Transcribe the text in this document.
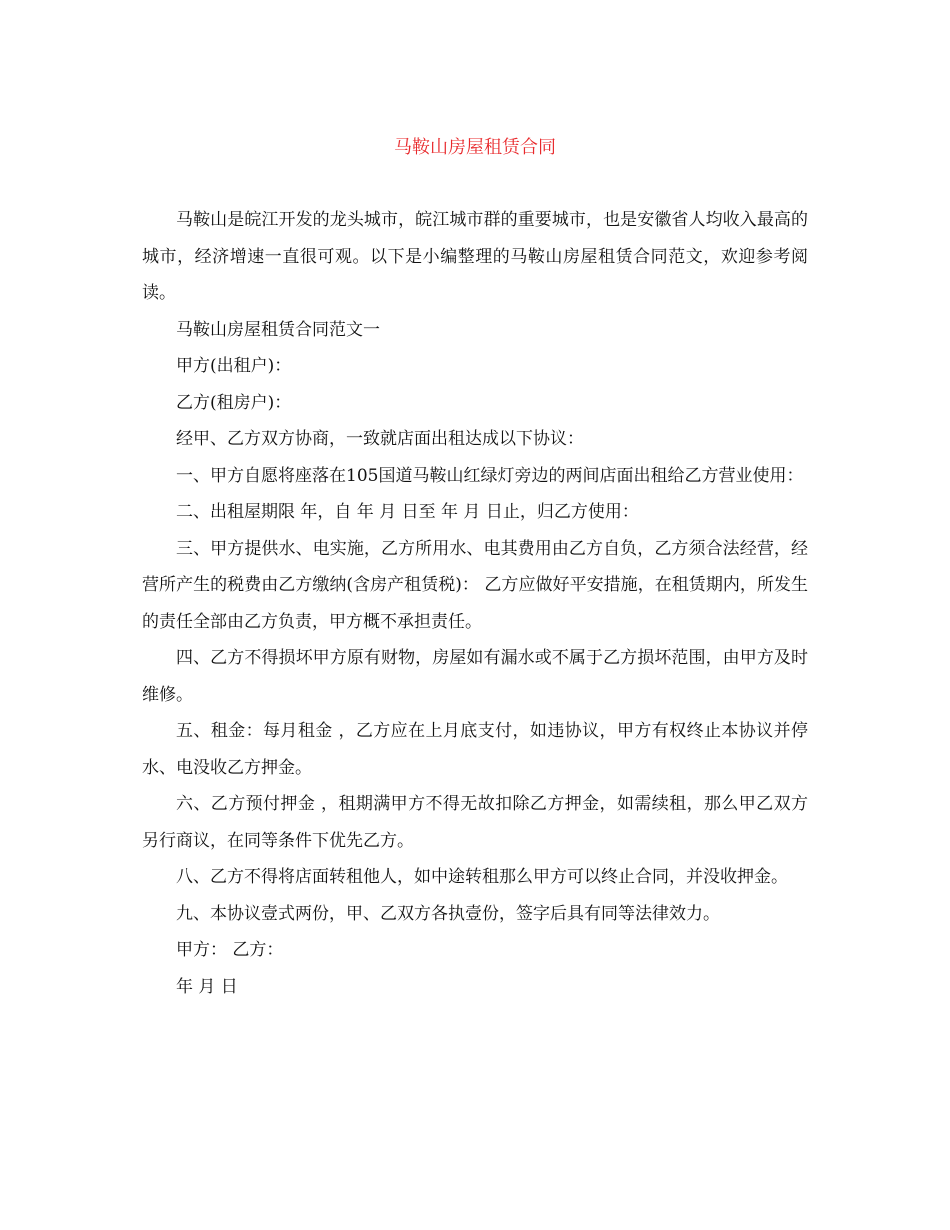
马鞍山房屋租赁合同

马鞍山是皖江开发的龙头城市，皖江城市群的重要城市，也是安徽省人均收入最高的城市，经济增速一直很可观。以下是小编整理的马鞍山房屋租赁合同范文，欢迎参考阅读。

马鞍山房屋租赁合同范文一

甲方(出租户)：

乙方(租房户)：

经甲、乙方双方协商，一致就店面出租达成以下协议：

一、甲方自愿将座落在105国道马鞍山红绿灯旁边的两间店面出租给乙方营业使用：

二、出租屋期限 年，自 年 月 日至 年 月 日止，归乙方使用：

三、甲方提供水、电实施，乙方所用水、电其费用由乙方自负，乙方须合法经营，经营所产生的税费由乙方缴纳(含房产租赁税)： 乙方应做好平安措施，在租赁期内，所发生的责任全部由乙方负责，甲方概不承担责任。

四、乙方不得损坏甲方原有财物，房屋如有漏水或不属于乙方损坏范围，由甲方及时维修。

五、租金：每月租金 ，乙方应在上月底支付，如违协议，甲方有权终止本协议并停水、电没收乙方押金。

六、乙方预付押金 ，租期满甲方不得无故扣除乙方押金，如需续租，那么甲乙双方另行商议，在同等条件下优先乙方。

八、乙方不得将店面转租他人，如中途转租那么甲方可以终止合同，并没收押金。

九、本协议壹式两份，甲、乙双方各执壹份，签字后具有同等法律效力。

甲方： 乙方：

年 月 日
